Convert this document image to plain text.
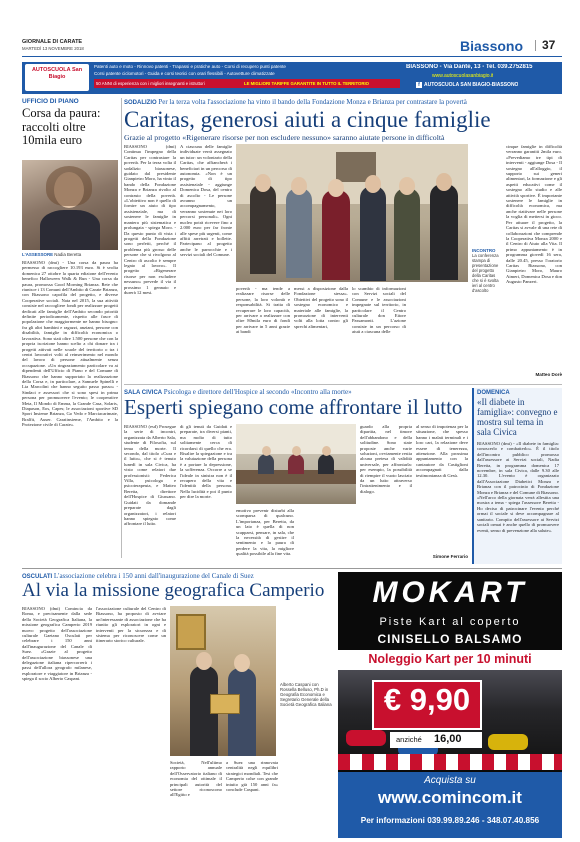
GIORNALE DI CARATE
MARTEDÌ 13 NOVEMBRE 2018	Biassono 37
AUTOSCUOLA San Biagio
Patenti auto e moto - Rinnovo patenti - Trapassi e pratiche auto - Corsi di recupero punti patente
Corsi patente ciclomotori - Guida e corsi teorici con orari flessibili - Autovetture climatizzate
50 ANNI di esperienza con i migliori insegnanti e istruttori	LE MIGLIORI TARIFFE GARANTITE IN TUTTO IL TERRITORIO
BIASSONO - Via Dante, 13 - Tel. 039.2752815
www.autoscuolasanbiagio.it
f AUTOSCUOLA SAN BIAGIO-BIASSONO
UFFICIO DI PIANO
Corsa da paura: raccolti oltre 10mila euro
L'ASSESSORE Nadia Beretta
BIASSONO (dmi) - Una corsa da paura ha permesso di raccogliere 10.193 euro. Si è svolta domenica 27 ottobre la quarta edizione dell'evento benefico Halloween Walk & Run - Una corsa da paura, promossa Good Morning Brianza. Rete che riunisce i 13 Comuni dell'Ambito di Carate Brianza, con Biassono capofila del progetto, e diverse Cooperative sociali. Nata nel 2015, la sua attività consiste nel raccogliere fondi per realizzare progetti dedicati alle famiglie dell'Ambito secondo priorità definite periodicamente, rispetto alle fasce di popolazione che maggiormente ne hanno bisogno: fra gli altri bambini e ragazzi, anziani, persone con disabilità, famiglie in difficoltà economica o lavorativa. Sono stati oltre 1.500 persone che con la propria iscrizione hanno scelto a chi donare tra i progetti attivati nelle scuole del territorio o tra i centri lavorativi volti al reinserimento nel mondo del lavoro di persone attualmente senza occupazione. «Un ringraziamento particolare va ai dipendenti dell'Ufficio di Piano e del Comune di Biassono che hanno supportato la realizzazione della Corsa e, in particolare, a Samuele Spinelli e Lia Marcolini che hanno seguito passo passo» - Sindaci e assessori che si sono spesi in prima persona per promuovere l'evento; le cooperative Meta, Il Mondo di Emma, la Grande Casa, Solaris, Diapason, Eos, Capes; le associazioni sportive SD Sport Insieme Brianza, Go Vedo e Marciacarimate, Bralfit, Auser. Caratinsieme, l'Ambito e la Protezione civile di Carate».
SODALIZIO Per la terza volta l'associazione ha vinto il bando della Fondazione Monza e Brianza per contrastare la povertà
Caritas, generosi aiuti a cinque famiglie
Grazie al progetto «Rigenerare risorse per non escludere nessuno» saranno aiutate persone in difficoltà
BIASSONO (dmi) Continua l'impegno della Caritas per contrastare la povertà. Per la terza volta il sodalizio biassonese, guidato dal presidente Gianpietro Moro, ha vinto il bando della Fondazione Monza e Brianza rivolto al contrasto della povertà. «L'obiettivo non è quello di fornire un aiuto di tipo assistenziale, ma di sostenere le famiglie in maniera più sistematica e prolungata - spiega Moro. - Da questo punto di vista i progetti della Fondazione sono perfetti, perché il problema più grosso delle persone che si rivolgono al Centro di ascolto è sempre legato al lavoro». Il progetto «Rigenerare risorse per non escludere nessuno» prevede il via il prossimo 1 gennaio e durerà 12 mesi.
A ciascuna delle famiglie individuate verrà assegnato un tutor: un volontario della Caritas, che affiancherà i beneficiari in un percorso di autonomia. «Non è un progetto di tipo assistenziale - aggiunge Domenica Dosa, del centro di ascolto - Le persone avranno un accompagnamento, verranno sostenute nei loro percorsi personali». Ogni nucleo potrà ricevere fino a 2.000 euro per far fronte alle spese più urgenti, come affitti arretrati e bollette. Partecipano al progetto anche le parrocchie e i servizi sociali del Comune.
INCONTRO
La conferenza stampa di presentazione del progetto della Caritas che si è svolta ieri al centro d'ascolto
povertà - ma tende a realizzare risorse delle persone, la loro volontà e responsabilità. Si tratta di recuperare le loro capacità, per arrivare a realizzare con oltre 80mila euro di fondi per arrivare in 5 anni grazie ai bandi
messi a disposizione dalla Fondazione stessa». Obiettivi del progetto sono il sostegno economico e materiale alle famiglie, la promozione di interventi volti alla lotta contro gli sprechi alimentari,
lo scambio di informazioni con Servizi sociali del Comune e le associazioni impegnate sul territorio, in particolare il Centro culturale don Ettore Passamonti. L'azione consiste in un percorso di aiuti a ciascuna delle
cinque famiglie in difficoltà verranno garantiti 2mila euro. «Prevediamo tre tipi di interventi - aggiunge Dosa - Il sostegno all'alloggio, il supporto sui generi alimentari, la formazione e gli aspetti educativi come il sostegno allo studio e alle attività sportive. È importante sostenere le famiglie in difficoltà economica, ma anche riattivare nelle persone la voglia di mettersi in gioco. Per attuare il progetto, la Caritas si avvale di una rete di collaborazioni che comprende la Cooperativa Monza 2000 e il Centro di Aiuto alla Vita. Il primo appuntamento è in programma giovedì 16 sera, dalle 20.45, presso l'oratorio Caritas Biassono, con Gianpietro Moro, Mauro Aimeri, Domenica Dosa e don Augusto Panzeri.
Matteo Dorè
SALA CIVICA Psicologa e direttore dell'Hospice al secondo «Incontro alla morte»
Esperti spiegano come affrontare il lutto
BIASSONO (esd) Prosegue la serie di incontri, organizzata da Alberto Sala, studente di Filosofia, sul tema della morte. Il secondo, dal titolo «Cura e il lutto», che si è tenuto lunedì in sala Civica, ha visto come relatori due professionisti: Federica Villa, psicologa e psicoterapeuta, e Matteo Beretta, direttore dell'Hospice di Giussano. Guidati da domande preparate dagli organizzatori, i relatori hanno spiegato come affrontare il lutto.
di gli tenuti da Guidati e preparate, tra diversi pianti, ma molto di tutto solitamente cerca di ricordarsi di quello che era. Risalire la spiegazione e tra la valutazione della persona è a portare la depressione, la sofferenza. Occorre a se l'ideale in sinistra non è il recupero della vita e l'identità della persona. Nella lucidità e poi il punto per dire la morte.
emotivo prevenir disturbi alla scomparsa di qualcuno. L'importanza, per Beretta, da un lato è quella di non scapparsi, pensare, in sala, che la necessità di gestire il sentimento e la paura di perdere la vita, la migliore qualità possibile alla fine vita.
guardo alla propria dipartita, nel timore dell'abbandono e della solitudine. Sono state proposte anche varie soluzioni, ovviamente restia alcuna pretesa di validità universale, per affrontarla: per esempio, la possibilità di riempire il vuoto lasciato da un lutto attraverso l'intrattenimento e il dialogo.
al senso di impotenza per la situazione, che spesso hanno i malati terminali e i loro cari, la relazione deve essere di tenerezza, attenzione. Alla prossima appuntamento con la cantautore da Castiglioni accompagnati dalla testimonianza di Gesù.
Simone Ferrario
DOMENICA
«Il diabete in famiglia»: convegno e mostra sul tema in sala Civica
BIASSONO (dmi) - «Il diabete in famiglia: conoscerlo e combatterlo». È il titolo dell'incontro pubblico promosso dall'assessore ai Servizi sociali, Nadia Beretta, in programma domenica 17 novembre, in sala Civica, dalle 9.30 alle 12.30. L'evento è organizzato dall'Associazione Diabetici Monza e Brianza con il patrocinio di Fondazione Monza e Brianza e del Comune di Biassono. «Nell'arco della giornata verrà allestita una mostra a tema - spiega l'assessore Beretta - Ho deciso di patrocinare l'evento perché ormai il sociale si deve accompagnare al sanitario. Compito dell'assessore ai Servizi sociali ormai è anche quello di promuovere eventi, senso di prevenzione alla salute».
OSCULATI L'associazione celebra i 150 anni dall'inaugurazione del Canale di Suez
Al via la missione geografica Camperio
BIASSONO (dmi) Comincia da Roma, e precisamente dalla sede della Società Geografica Italiana, la missione geografica Camperio 2019 nuovo progetto dell'associazione culturale Gaetano Osculati per celebrare i 150 anni dall'inaugurazione del Canale di Suez. «Grazie al progetto dell'associazione biassonese una delegazione italiana ripercorrerà i passi dell'allora geografo milanese, esploratore e viaggiatore in Brianza - spiega il socio Alberto Caspani.
l'associazione culturale del Centro di Biassono, ha proposto di avviare un'interessante di associazione che ha riunito gli esploratori in ogni e interventi per la sicurezza e di sistema per riconoscere come un itinerario storico culturale.
Alberto Caspani con Rossella Belluso, Ph.D in Geografia Economica e Segretario Generale della Società Geografica Italiana
Società, Nell'ultimo rapporto annuale dell'Osservatorio italiano di economia del ottimale il principali autorità del settore riconoscono all'Egitto e
a Suez una rinnovata centralità negli equilibri strategici mondiali. Tesi che Camperio colse con grande intuito già 150 anni fa» conclude Caspani.
MOKART
Piste Kart al coperto
CINISELLO BALSAMO
Noleggio Kart per 10 minuti
€ 9,90
anziché 16,00
Acquista su
www.comincom.it
Per informazioni 039.99.89.246 - 348.07.40.856
